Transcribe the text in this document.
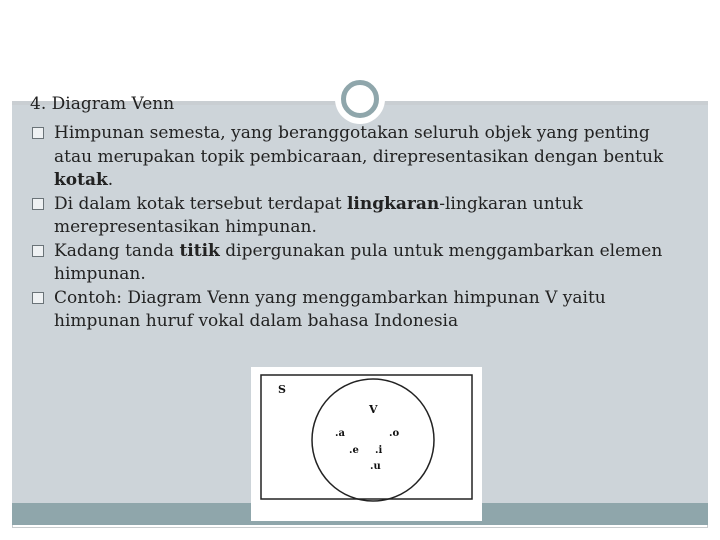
4. Diagram Venn
Himpunan semesta, yang beranggotakan seluruh objek yang penting atau merupakan topik pembicaraan, direpresentasikan dengan bentuk kotak.
Di dalam kotak tersebut terdapat lingkaran-lingkaran untuk merepresentasikan himpunan.
Kadang tanda titik dipergunakan pula untuk menggambarkan elemen himpunan.
Contoh: Diagram Venn yang menggambarkan himpunan V yaitu himpunan huruf vokal dalam bahasa Indonesia
S
V
.a	.o
.e .i
.u
